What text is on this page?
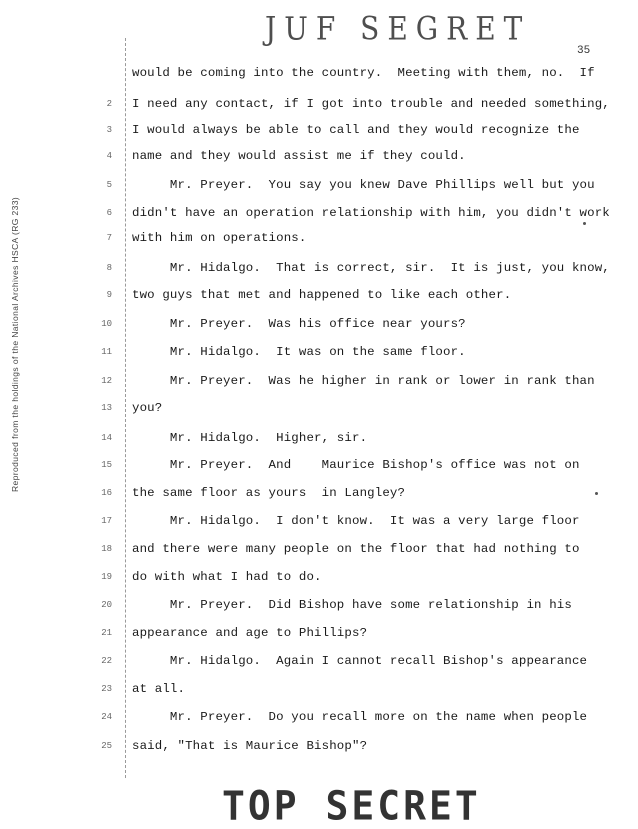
JUF SEGRET
35
Reproduced from the holdings of the National Archives HSCA (RG 233)
would be coming into the country.  Meeting with them, no.  If
2 I need any contact, if I got into trouble and needed something,
3 I would always be able to call and they would recognize the
4 name and they would assist me if they could.
5 Mr. Preyer.  You say you knew Dave Phillips well but you
6 didn't have an operation relationship with him, you didn't work
7 with him on operations.
8 Mr. Hidalgo.  That is correct, sir.  It is just, you know,
9 two guys that met and happened to like each other.
10 Mr. Preyer.  Was his office near yours?
11 Mr. Hidalgo.  It was on the same floor.
12 Mr. Preyer.  Was he higher in rank or lower in rank than
13 you?
14 Mr. Hidalgo.  Higher, sir.
15 Mr. Preyer.  And    Maurice Bishop's office was not on
16 the same floor as yours  in Langley?
17 Mr. Hidalgo.  I don't know.  It was a very large floor
18 and there were many people on the floor that had nothing to
19 do with what I had to do.
20 Mr. Preyer.  Did Bishop have some relationship in his
21 appearance and age to Phillips?
22 Mr. Hidalgo.  Again I cannot recall Bishop's appearance
23 at all.
24 Mr. Preyer.  Do you recall more on the name when people
25 said, "That is Maurice Bishop"?
TOP SECRET
